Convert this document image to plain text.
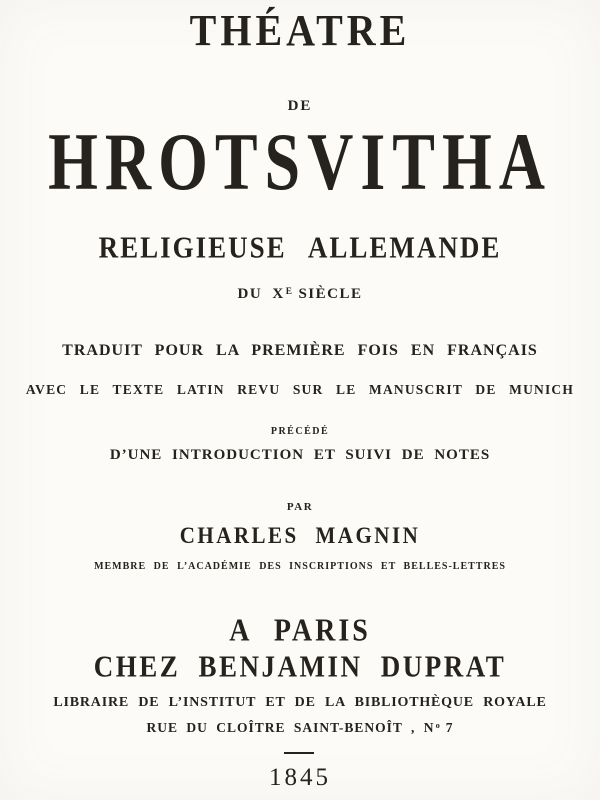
THÉATRE
DE
HROTSVITHA
RELIGIEUSE ALLEMANDE
DU XE SIÈCLE
TRADUIT POUR LA PREMIÈRE FOIS EN FRANÇAIS
AVEC LE TEXTE LATIN REVU SUR LE MANUSCRIT DE MUNICH
PRÉCÉDÉ
D’UNE INTRODUCTION ET SUIVI DE NOTES
PAR
CHARLES MAGNIN
MEMBRE DE L’ACADÉMIE DES INSCRIPTIONS ET BELLES-LETTRES
A PARIS
CHEZ BENJAMIN DUPRAT
LIBRAIRE DE L’INSTITUT ET DE LA BIBLIOTHÈQUE ROYALE
RUE DU CLOÎTRE SAINT-BENOÎT , No 7
1845
